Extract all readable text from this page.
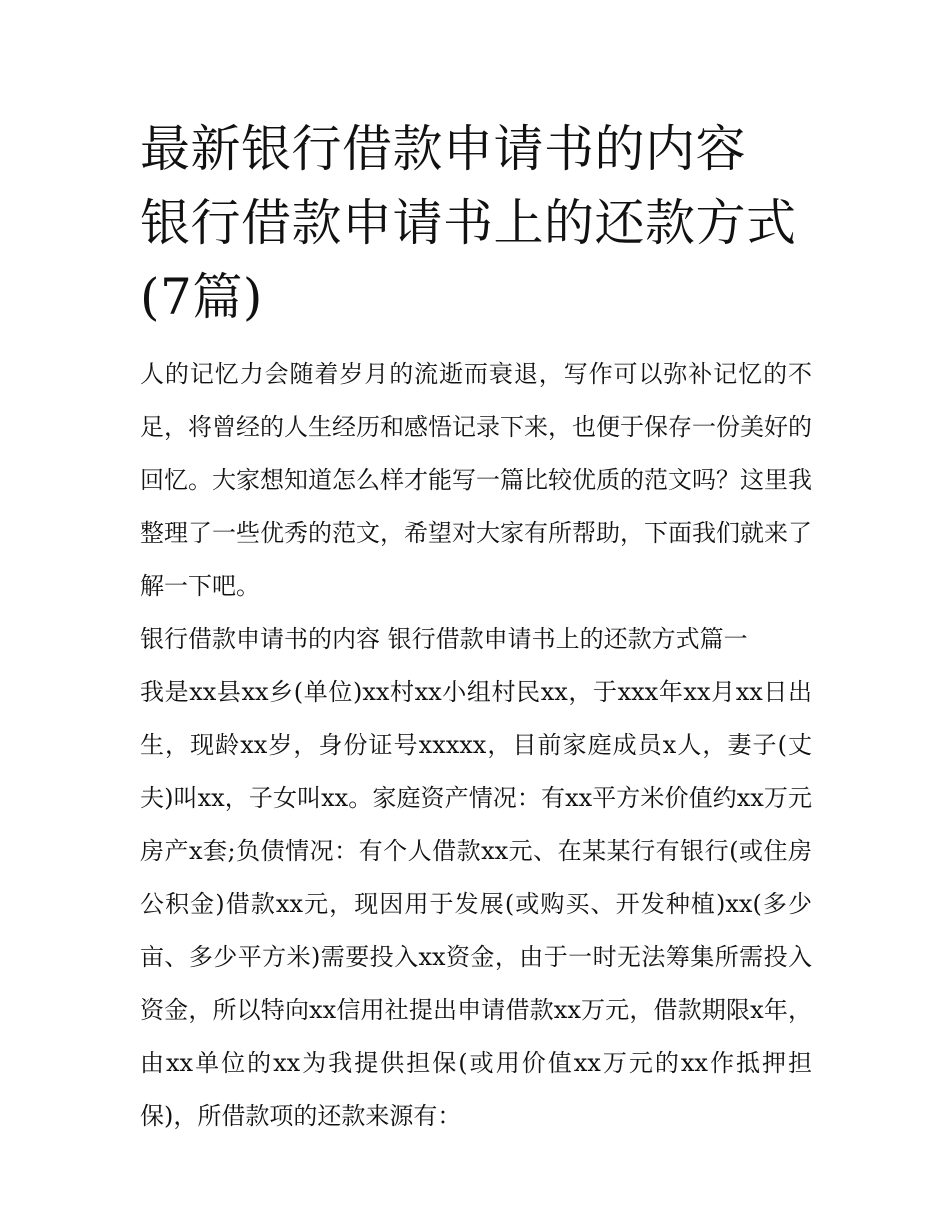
最新银行借款申请书的内容 银行借款申请书上的还款方式(7篇)

人的记忆力会随着岁月的流逝而衰退，写作可以弥补记忆的不足，将曾经的人生经历和感悟记录下来，也便于保存一份美好的回忆。大家想知道怎么样才能写一篇比较优质的范文吗？这里我整理了一些优秀的范文，希望对大家有所帮助，下面我们就来了解一下吧。

银行借款申请书的内容 银行借款申请书上的还款方式篇一

我是xx县xx乡(单位)xx村xx小组村民xx，于xxx年xx月xx日出生，现龄xx岁，身份证号xxxxx，目前家庭成员x人，妻子(丈夫)叫xx，子女叫xx。家庭资产情况：有xx平方米价值约xx万元房产x套;负债情况：有个人借款xx元、在某某行有银行(或住房公积金)借款xx元，现因用于发展(或购买、开发种植)xx(多少亩、多少平方米)需要投入xx资金，由于一时无法筹集所需投入资金，所以特向xx信用社提出申请借款xx万元，借款期限x年，由xx单位的xx为我提供担保(或用价值xx万元的xx作抵押担保)，所借款项的还款来源有：
